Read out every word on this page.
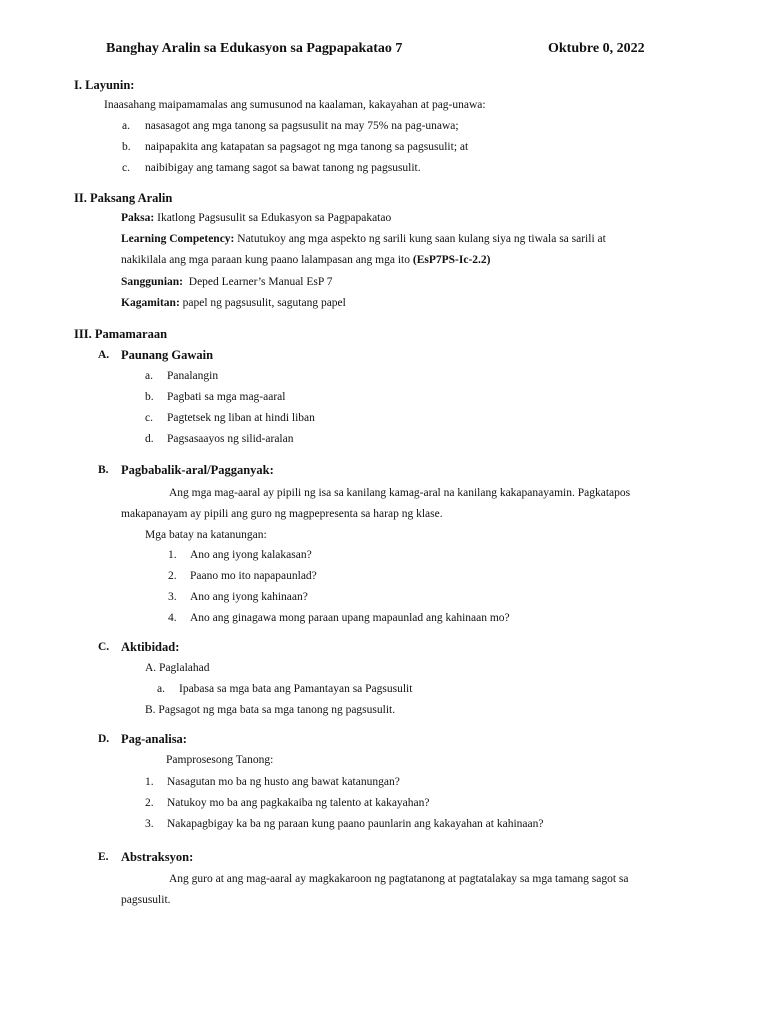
Banghay Aralin sa Edukasyon sa Pagpapakatao 7	Oktubre 0, 2022
I. Layunin:
Inaasahang maipamamalas ang sumusunod na kaalaman, kakayahan at pag-unawa:
a. nasasagot ang mga tanong sa pagsusulit na may 75% na pag-unawa;
b. naipapakita ang katapatan sa pagsagot ng mga tanong sa pagsusulit; at
c. naibibigay ang tamang sagot sa bawat tanong ng pagsusulit.
II. Paksang Aralin
Paksa: Ikatlong Pagsusulit sa Edukasyon sa Pagpapakatao
Learning Competency: Natutukoy ang mga aspekto ng sarili kung saan kulang siya ng tiwala sa sarili at
nakikilala ang mga paraan kung paano lalampasan ang mga ito (EsP7PS-Ic-2.2)
Sanggunian: Deped Learner’s Manual EsP 7
Kagamitan: papel ng pagsusulit, sagutang papel
III. Pamamaraan
A. Paunang Gawain
a. Panalangin
b. Pagbati sa mga mag-aaral
c. Pagtetsek ng liban at hindi liban
d. Pagsasaayos ng silid-aralan
B. Pagbabalik-aral/Pagganyak:
Ang mga mag-aaral ay pipili ng isa sa kanilang kamag-aral na kanilang kakapanayamin. Pagkatapos
makapanayam ay pipili ang guro ng magpepresenta sa harap ng klase.
Mga batay na katanungan:
1. Ano ang iyong kalakasan?
2. Paano mo ito napapaunlad?
3. Ano ang iyong kahinaan?
4. Ano ang ginagawa mong paraan upang mapaunlad ang kahinaan mo?
C. Aktibidad:
A. Paglalahad
a. Ipabasa sa mga bata ang Pamantayan sa Pagsusulit
B. Pagsagot ng mga bata sa mga tanong ng pagsusulit.
D. Pag-analisa:
Pamprosesong Tanong:
1. Nasagutan mo ba ng husto ang bawat katanungan?
2. Natukoy mo ba ang pagkakaiba ng talento at kakayahan?
3. Nakapagbigay ka ba ng paraan kung paano paunlarin ang kakayahan at kahinaan?
E. Abstraksyon:
Ang guro at ang mag-aaral ay magkakaroon ng pagtatanong at pagtatalakay sa mga tamang sagot sa
pagsusulit.
